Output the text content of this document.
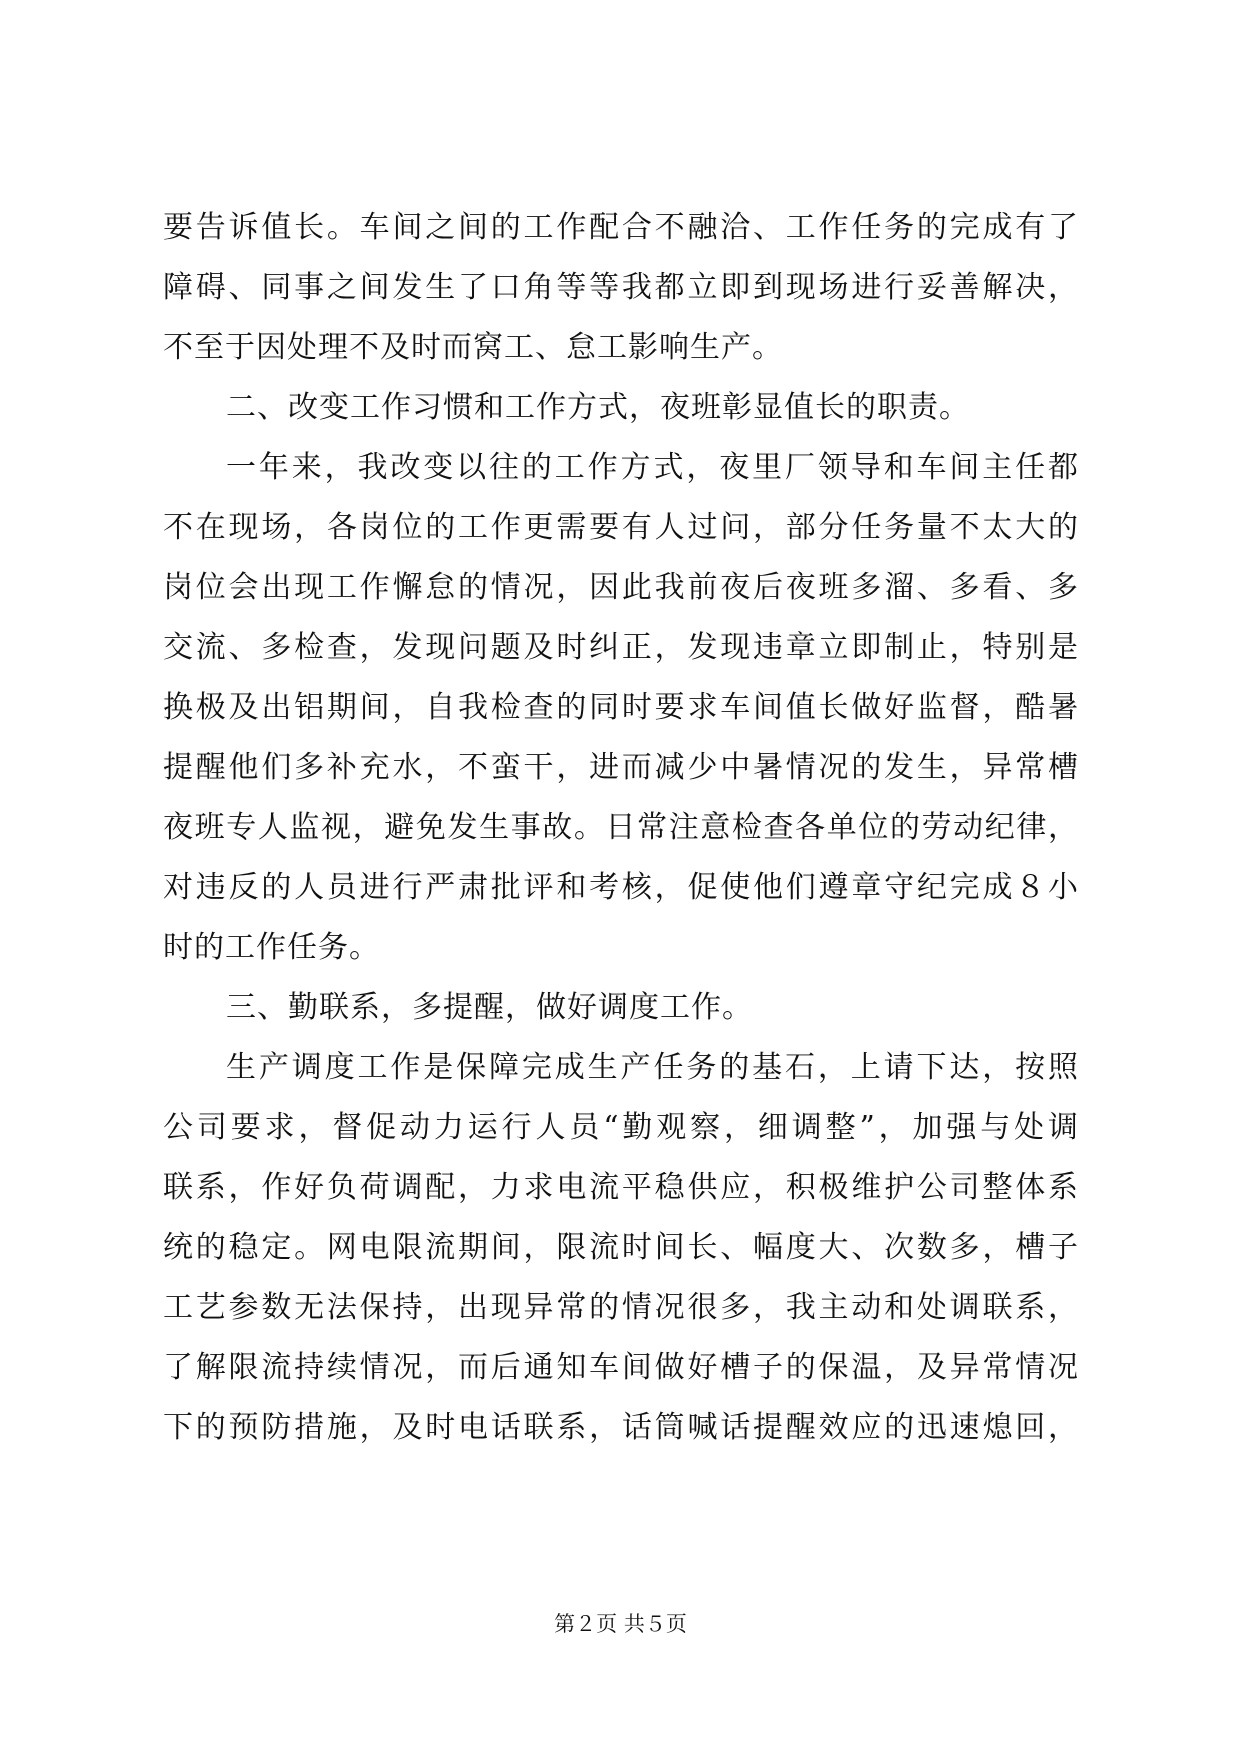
要告诉值长。车间之间的工作配合不融洽、工作任务的完成有了
障碍、同事之间发生了口角等等我都立即到现场进行妥善解决，
不至于因处理不及时而窝工、怠工影响生产。
二、改变工作习惯和工作方式，夜班彰显值长的职责。
一年来，我改变以往的工作方式，夜里厂领导和车间主任都
不在现场，各岗位的工作更需要有人过问，部分任务量不太大的
岗位会出现工作懈怠的情况，因此我前夜后夜班多溜、多看、多
交流、多检查，发现问题及时纠正，发现违章立即制止，特别是
换极及出铝期间，自我检查的同时要求车间值长做好监督，酷暑
提醒他们多补充水，不蛮干，进而减少中暑情况的发生，异常槽
夜班专人监视，避免发生事故。日常注意检查各单位的劳动纪律，
对违反的人员进行严肃批评和考核，促使他们遵章守纪完成８小
时的工作任务。
三、勤联系，多提醒，做好调度工作。
生产调度工作是保障完成生产任务的基石，上请下达，按照
公司要求，督促动力运行人员“勤观察，细调整”，加强与处调
联系，作好负荷调配，力求电流平稳供应，积极维护公司整体系
统的稳定。网电限流期间，限流时间长、幅度大、次数多，槽子
工艺参数无法保持，出现异常的情况很多，我主动和处调联系，
了解限流持续情况，而后通知车间做好槽子的保温，及异常情况
下的预防措施，及时电话联系，话筒喊话提醒效应的迅速熄回，
第２页 共５页
